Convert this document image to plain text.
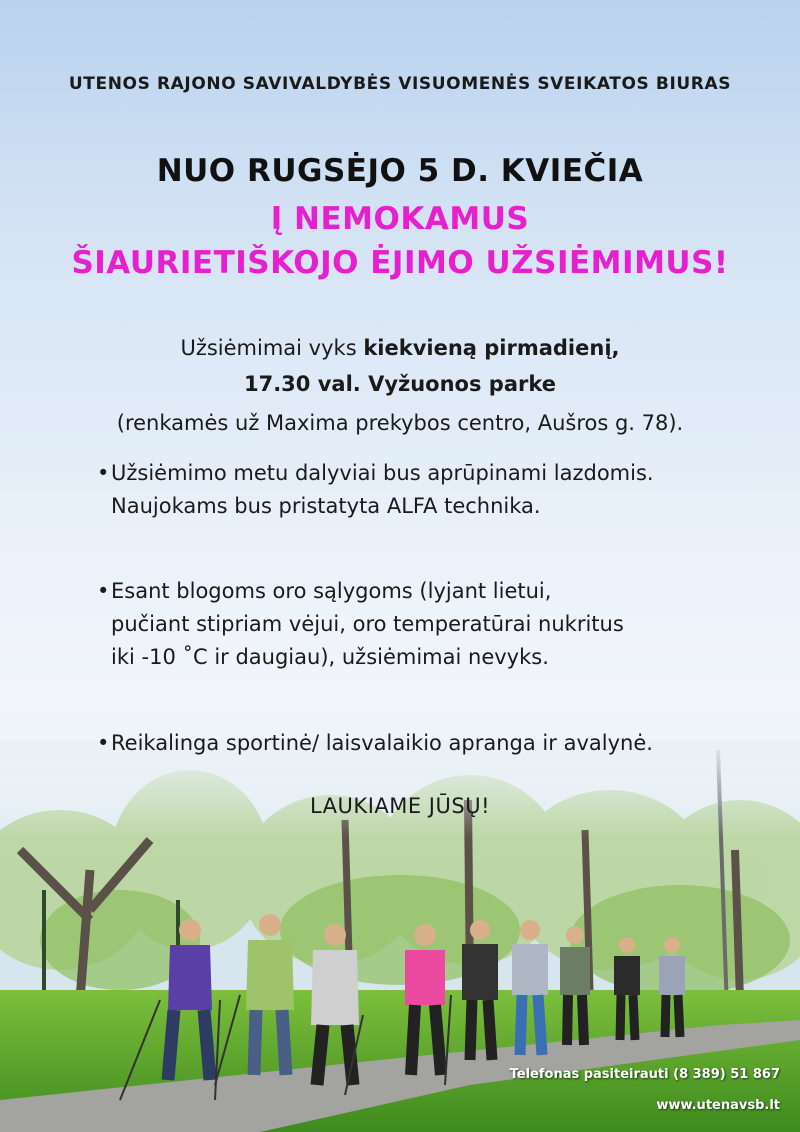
UTENOS RAJONO SAVIVALDYBĖS VISUOMENĖS SVEIKATOS BIURAS
NUO RUGSĖJO 5 D. KVIEČIA
Į NEMOKAMUS
ŠIAURIETIŠKOJO ĖJIMO UŽSIĖMIMUS!
Užsiėmimai vyks kiekvieną pirmadienį,
17.30 val. Vyžuonos parke
(renkamės už Maxima prekybos centro, Aušros g. 78).
• Užsiėmimo metu dalyviai bus aprūpinami lazdomis.
Naujokams bus pristatyta ALFA technika.
• Esant blogoms oro sąlygoms (lyjant lietui,
pučiant stipriam vėjui, oro temperatūrai nukritus
iki -10 ˚C ir daugiau), užsiėmimai nevyks.
• Reikalinga sportinė/ laisvalaikio apranga ir avalynė.
LAUKIAME JŪSŲ!
Telefonas pasiteirauti (8 389) 51 867
www.utenavsb.lt
